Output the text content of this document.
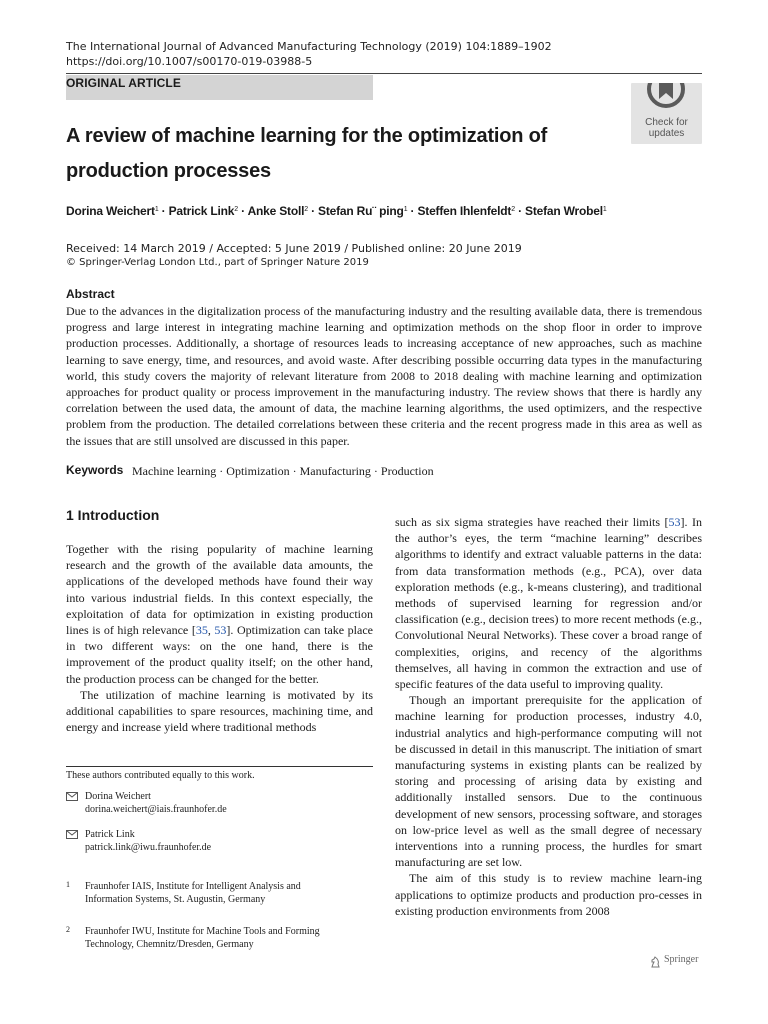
The International Journal of Advanced Manufacturing Technology (2019) 104:1889–1902
https://doi.org/10.1007/s00170-019-03988-5
ORIGINAL ARTICLE
Check for updates
A review of machine learning for the optimization of production processes
Dorina Weichert$^1$ · Patrick Link$^2$ · Anke Stoll$^2$ · Stefan Ru¨ ping$^1$ · Steffen Ihlenfeldt$^2$ · Stefan Wrobel$^1$
Received: 14 March 2019 / Accepted: 5 June 2019 / Published online: 20 June 2019
© Springer-Verlag London Ltd., part of Springer Nature 2019
Abstract
Due to the advances in the digitalization process of the manufacturing industry and the resulting available data, there is tremendous progress and large interest in integrating machine learning and optimization methods on the shop floor in order to improve production processes. Additionally, a shortage of resources leads to increasing acceptance of new approaches, such as machine learning to save energy, time, and resources, and avoid waste. After describing possible occurring data types in the manufacturing world, this study covers the majority of relevant literature from 2008 to 2018 dealing with machine learning and optimization approaches for product quality or process improvement in the manufacturing industry. The review shows that there is hardly any correlation between the used data, the amount of data, the machine learning algorithms, the used optimizers, and the respective problem from the production. The detailed correlations between these criteria and the recent progress made in this area as well as the issues that are still unsolved are discussed in this paper.
Keywords Machine learning · Optimization · Manufacturing · Production
1 Introduction

Together with the rising popularity of machine learning research and the growth of the available data amounts, the applications of the developed methods have found their way into various industrial fields. In this context especially, the exploitation of data for optimization in existing production lines is of high relevance [35, 53]. Optimization can take place in two different ways: on the one hand, there is the improvement of the product quality itself; on the other hand, the production process can be changed for the better.

The utilization of machine learning is motivated by its additional capabilities to spare resources, machining time, and energy and increase yield where traditional methods

such as six sigma strategies have reached their limits [53]. In the author’s eyes, the term “machine learning” describes algorithms to identify and extract valuable patterns in the data: from data transformation methods (e.g., PCA), over data exploration methods (e.g., k-means clustering), and traditional methods of supervised learning for regression and/or classification (e.g., decision trees) to more recent methods (e.g., Convolutional Neural Networks). These cover a broad range of complexities, origins, and recency of the algorithms themselves, all having in common the extraction and use of specific features of the data useful to improving quality.

Though an important prerequisite for the application of machine learning for production processes, industry 4.0, industrial analytics and high-performance computing will not be discussed in detail in this manuscript. The initiation of smart manufacturing systems in existing plants can be realized by storing and processing of arising data by existing and additionally installed sensors. Due to the continuous development of new sensors, processing software, and storages on low-price level as well as the small degree of necessary interventions into a running process, the hurdles for smart manufacturing are set low.

The aim of this study is to review machine learn-ing applications to optimize products and production pro-cesses in existing production environments from 2008

These authors contributed equally to this work.
Dorina Weichert
dorina.weichert@iais.fraunhofer.de
Patrick Link
patrick.link@iwu.fraunhofer.de
1 Fraunhofer IAIS, Institute for Intelligent Analysis and Information Systems, St. Augustin, Germany
2 Fraunhofer IWU, Institute for Machine Tools and Forming Technology, Chemnitz/Dresden, Germany
Springer
